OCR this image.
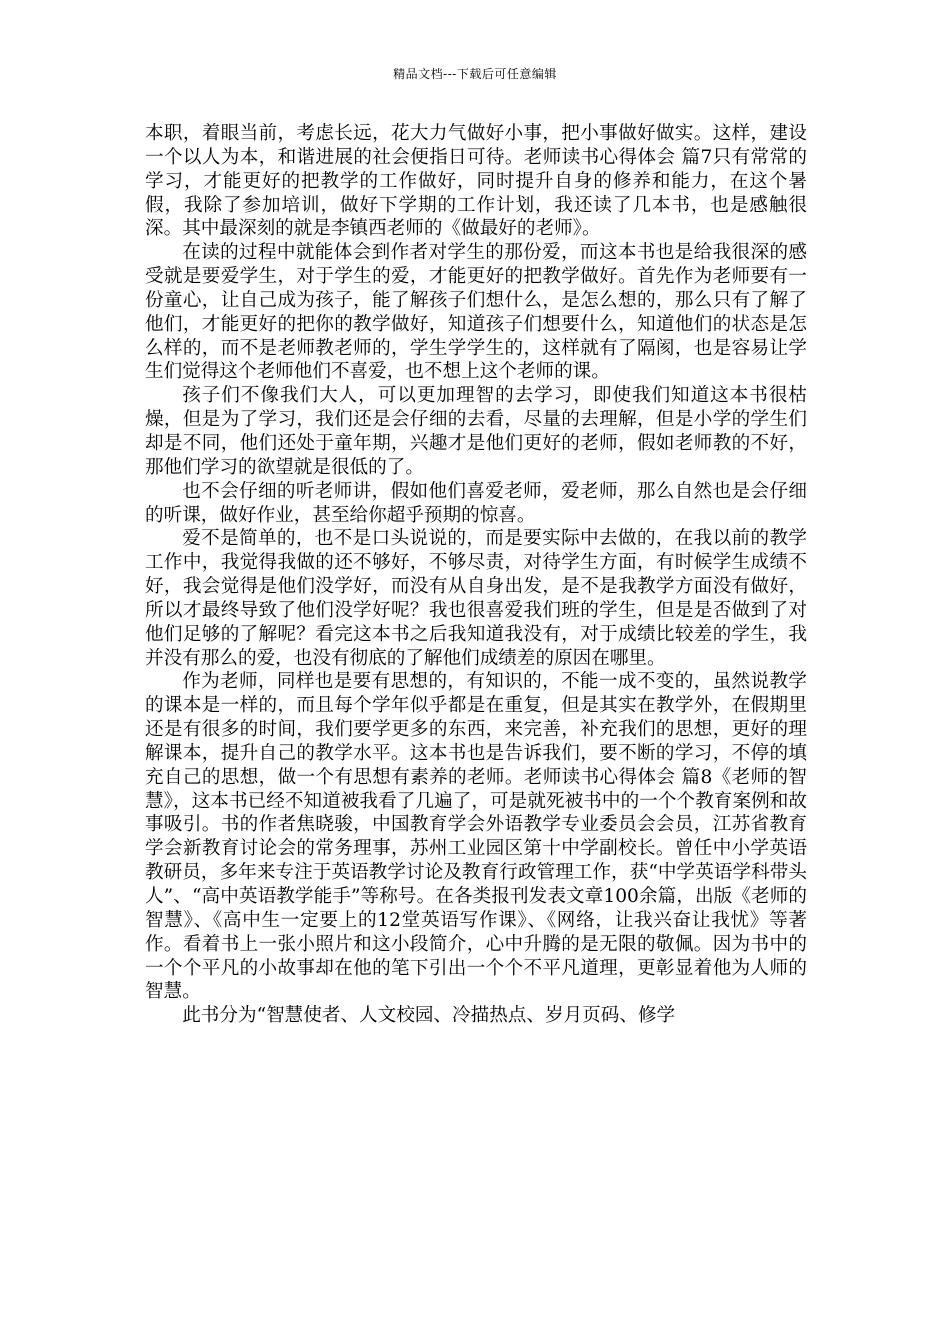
精品文档---下载后可任意编辑

本职，着眼当前，考虑长远，花大力气做好小事，把小事做好做实。这样，建设一个以人为本，和谐进展的社会便指日可待。老师读书心得体会 篇7只有常常的学习，才能更好的把教学的工作做好，同时提升自身的修养和能力，在这个暑假，我除了参加培训，做好下学期的工作计划，我还读了几本书，也是感触很深。其中最深刻的就是李镇西老师的《做最好的老师》。

在读的过程中就能体会到作者对学生的那份爱，而这本书也是给我很深的感受就是要爱学生，对于学生的爱，才能更好的把教学做好。首先作为老师要有一份童心，让自己成为孩子，能了解孩子们想什么，是怎么想的，那么只有了解了他们，才能更好的把你的教学做好，知道孩子们想要什么，知道他们的状态是怎么样的，而不是老师教老师的，学生学学生的，这样就有了隔阂，也是容易让学生们觉得这个老师他们不喜爱，也不想上这个老师的课。

孩子们不像我们大人，可以更加理智的去学习，即使我们知道这本书很枯燥，但是为了学习，我们还是会仔细的去看，尽量的去理解，但是小学的学生们却是不同，他们还处于童年期，兴趣才是他们更好的老师，假如老师教的不好，那他们学习的欲望就是很低的了。

也不会仔细的听老师讲，假如他们喜爱老师，爱老师，那么自然也是会仔细的听课，做好作业，甚至给你超乎预期的惊喜。

爱不是简单的，也不是口头说说的，而是要实际中去做的，在我以前的教学工作中，我觉得我做的还不够好，不够尽责，对待学生方面，有时候学生成绩不好，我会觉得是他们没学好，而没有从自身出发，是不是我教学方面没有做好，所以才最终导致了他们没学好呢？我也很喜爱我们班的学生，但是是否做到了对他们足够的了解呢？看完这本书之后我知道我没有，对于成绩比较差的学生，我并没有那么的爱，也没有彻底的了解他们成绩差的原因在哪里。

作为老师，同样也是要有思想的，有知识的，不能一成不变的，虽然说教学的课本是一样的，而且每个学年似乎都是在重复，但是其实在教学外，在假期里还是有很多的时间，我们要学更多的东西，来完善，补充我们的思想，更好的理解课本，提升自己的教学水平。这本书也是告诉我们，要不断的学习，不停的填充自己的思想，做一个有思想有素养的老师。老师读书心得体会 篇8《老师的智慧》，这本书已经不知道被我看了几遍了，可是就死被书中的一个个教育案例和故事吸引。书的作者焦晓骏，中国教育学会外语教学专业委员会会员，江苏省教育学会新教育讨论会的常务理事，苏州工业园区第十中学副校长。曾任中小学英语教研员，多年来专注于英语教学讨论及教育行政管理工作，获“中学英语学科带头人”、“高中英语教学能手”等称号。在各类报刊发表文章100余篇，出版《老师的智慧》、《高中生一定要上的12堂英语写作课》、《网络，让我兴奋让我忧》等著作。看着书上一张小照片和这小段简介，心中升腾的是无限的敬佩。因为书中的一个个平凡的小故事却在他的笔下引出一个个不平凡道理，更彰显着他为人师的智慧。

此书分为“智慧使者、人文校园、冷描热点、岁月页码、修学
